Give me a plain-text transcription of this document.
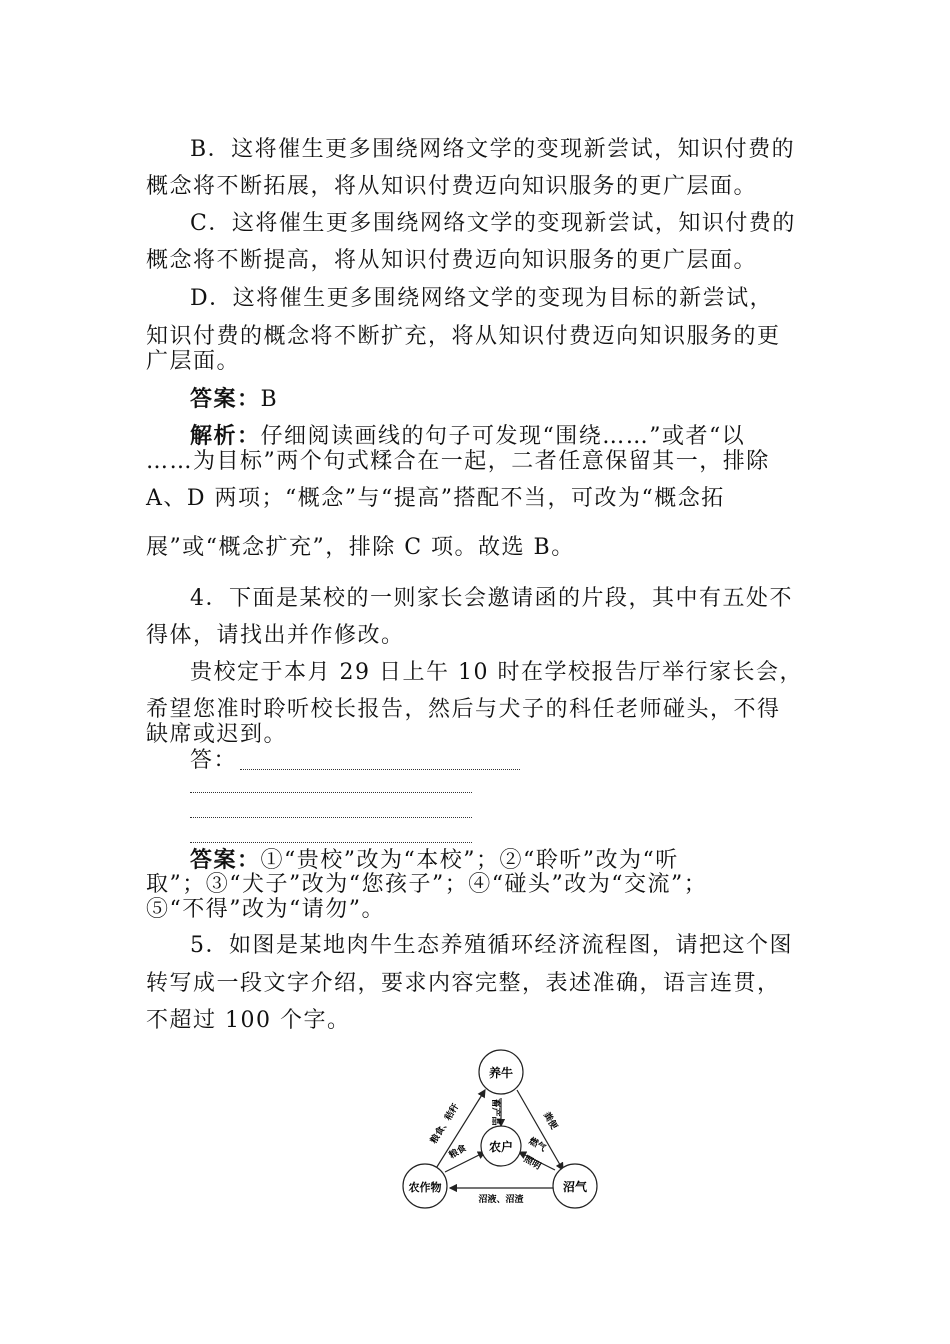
B．这将催生更多围绕网络文学的变现新尝试，知识付费的
概念将不断拓展，将从知识付费迈向知识服务的更广层面。
C．这将催生更多围绕网络文学的变现新尝试，知识付费的
概念将不断提高，将从知识付费迈向知识服务的更广层面。
D．这将催生更多围绕网络文学的变现为目标的新尝试，
知识付费的概念将不断扩充，将从知识付费迈向知识服务的更
广层面。
答案：B
解析：仔细阅读画线的句子可发现“围绕……”或者“以
……为目标”两个句式糅合在一起，二者任意保留其一，排除
A、D 两项；“概念”与“提高”搭配不当，可改为“概念拓
展”或“概念扩充”，排除 C 项。故选 B。
4．下面是某校的一则家长会邀请函的片段，其中有五处不
得体，请找出并作修改。
贵校定于本月 29 日上午 10 时在学校报告厅举行家长会，
希望您准时聆听校长报告，然后与犬子的科任老师碰头，不得
缺席或迟到。
答：
答案：①“贵校”改为“本校”；②“聆听”改为“听
取”；③“犬子”改为“您孩子”；④“碰头”改为“交流”；
⑤“不得”改为“请勿”。
5．如图是某地肉牛生态养殖循环经济流程图，请把这个图
转写成一段文字介绍，要求内容完整，表述准确，语言连贯，
不超过 100 个字。
养牛
农户
农作物	沼气
粮食、秸秆	粪便
畜产品
粮食	燃气
照明
沼液、沼渣
